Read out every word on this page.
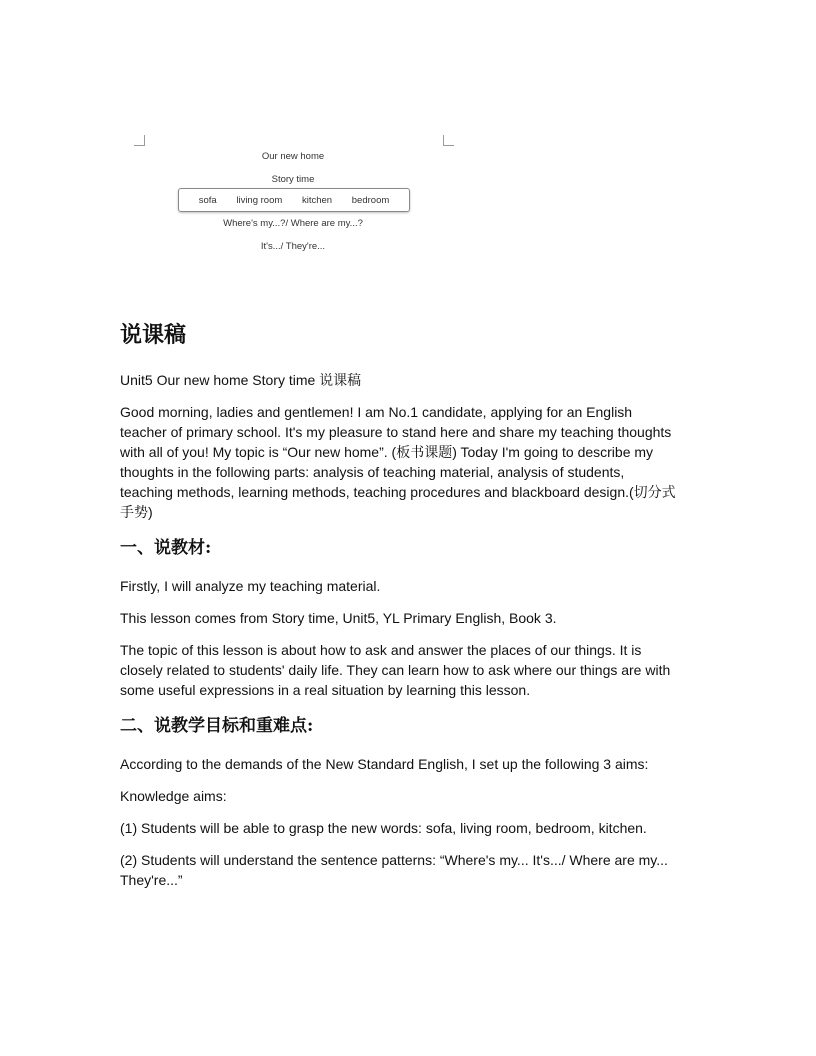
Our new home
Story time
sofa living room kitchen bedroom
Where's my...?/ Where are my...?
It's.../ They're...
说课稿

Unit5 Our new home Story time 说课稿

Good morning, ladies and gentlemen! I am No.1 candidate, applying for an English teacher of primary school. It's my pleasure to stand here and share my teaching thoughts with all of you! My topic is “Our new home”. (板书课题) Today I'm going to describe my thoughts in the following parts: analysis of teaching material, analysis of students, teaching methods, learning methods, teaching procedures and blackboard design.(切分式手势)

一、说教材:

Firstly, I will analyze my teaching material.

This lesson comes from Story time, Unit5, YL Primary English, Book 3.

The topic of this lesson is about how to ask and answer the places of our things. It is closely related to students' daily life. They can learn how to ask where our things are with some useful expressions in a real situation by learning this lesson.

二、说教学目标和重难点:

According to the demands of the New Standard English, I set up the following 3 aims:

Knowledge aims:

(1) Students will be able to grasp the new words: sofa, living room, bedroom, kitchen.

(2) Students will understand the sentence patterns: “Where's my... It's.../ Where are my... They're...”
